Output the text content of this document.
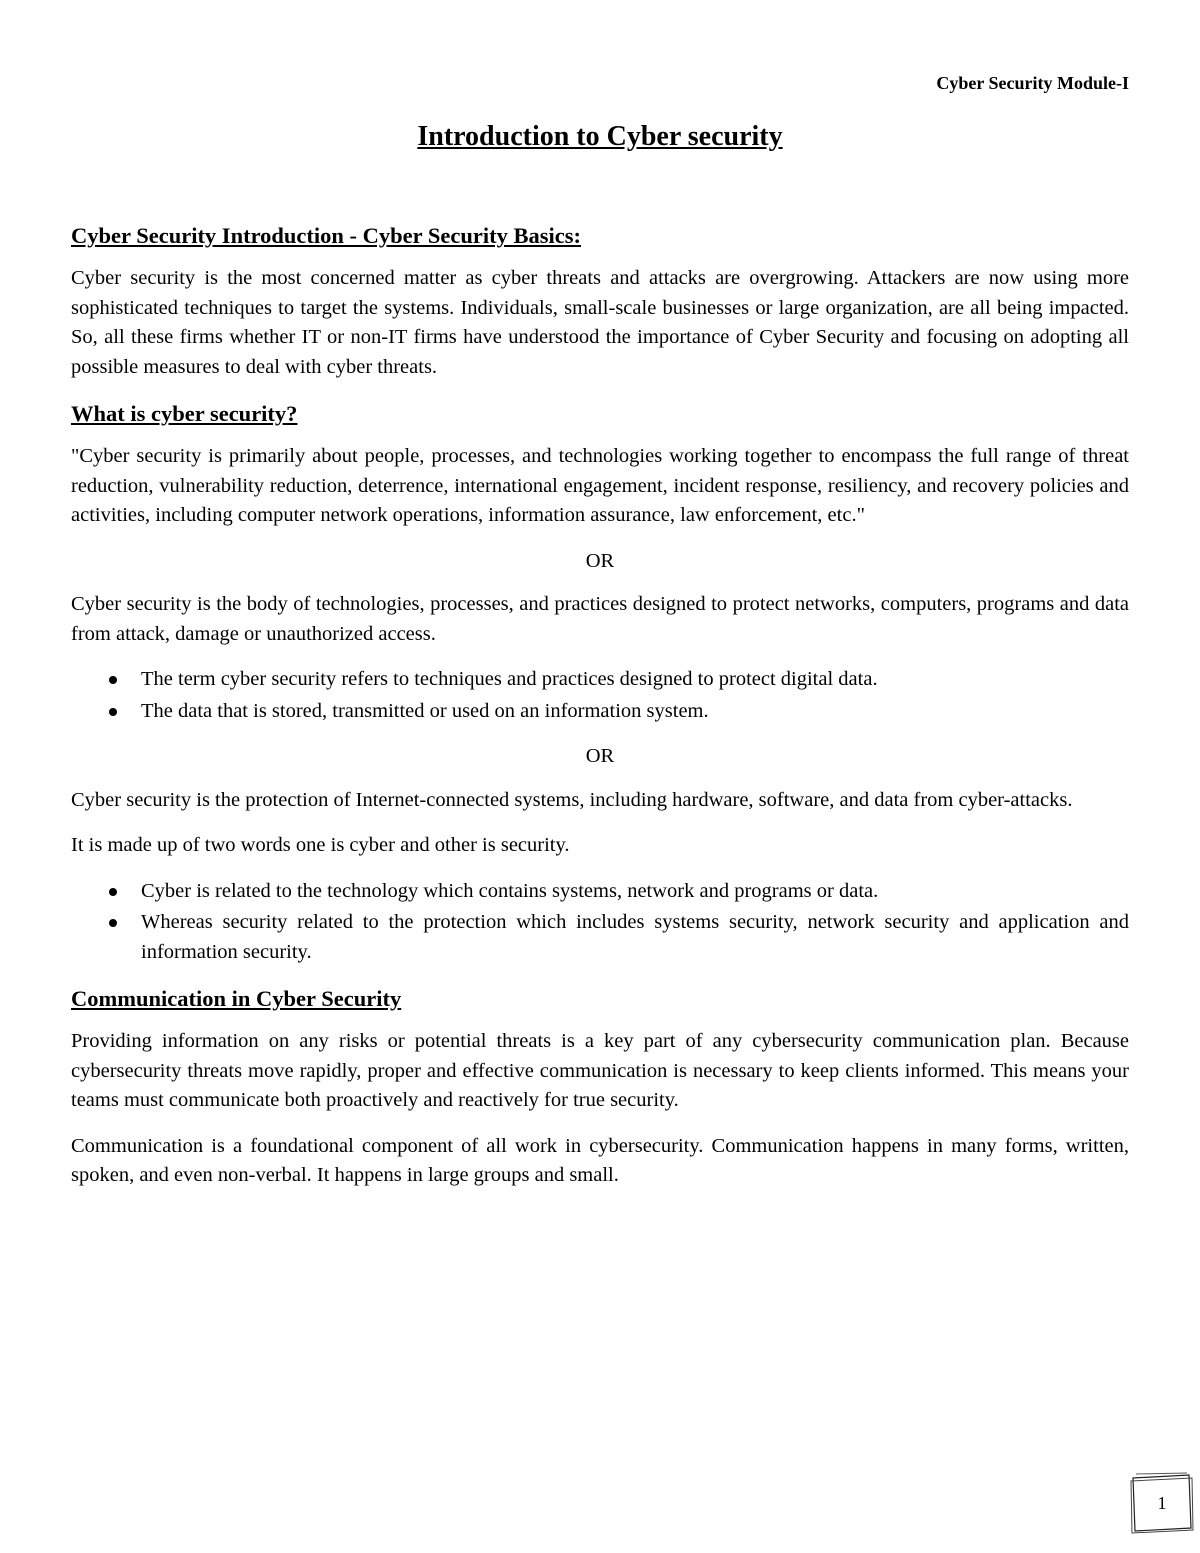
Cyber Security Module-I
Introduction to Cyber security
Cyber Security Introduction - Cyber Security Basics:

Cyber security is the most concerned matter as cyber threats and attacks are overgrowing. Attackers are now using more sophisticated techniques to target the systems. Individuals, small-scale businesses or large organization, are all being impacted. So, all these firms whether IT or non-IT firms have understood the importance of Cyber Security and focusing on adopting all possible measures to deal with cyber threats.

What is cyber security?

"Cyber security is primarily about people, processes, and technologies working together to encompass the full range of threat reduction, vulnerability reduction, deterrence, international engagement, incident response, resiliency, and recovery policies and activities, including computer network operations, information assurance, law enforcement, etc."

OR

Cyber security is the body of technologies, processes, and practices designed to protect networks, computers, programs and data from attack, damage or unauthorized access.

The term cyber security refers to techniques and practices designed to protect digital data.
The data that is stored, transmitted or used on an information system.

OR

Cyber security is the protection of Internet-connected systems, including hardware, software, and data from cyber-attacks.

It is made up of two words one is cyber and other is security.

Cyber is related to the technology which contains systems, network and programs or data.
Whereas security related to the protection which includes systems security, network security and application and information security.
Communication in Cyber Security

Providing information on any risks or potential threats is a key part of any cybersecurity communication plan. Because cybersecurity threats move rapidly, proper and effective communication is necessary to keep clients informed. This means your teams must communicate both proactively and reactively for true security.

Communication is a foundational component of all work in cybersecurity. Communication happens in many forms, written, spoken, and even non-verbal. It happens in large groups and small.

1
